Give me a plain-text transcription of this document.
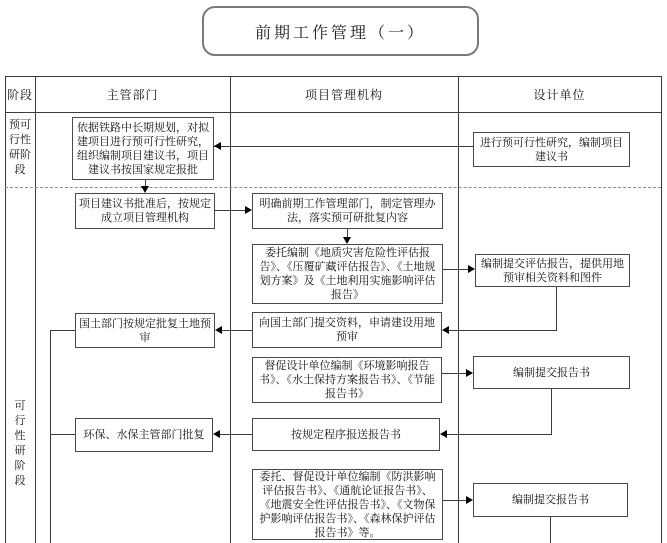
前期工作管理（一）
阶段	主管部门	项目管理机构	设计单位
预可行性研阶段
可行性研阶段
依据铁路中长期规划，对拟建项目进行预可行性研究，组织编制项目建议书，项目建议书按国家规定报批
进行预可行性研究，编制项目建议书
项目建议书批准后，按规定成立项目管理机构
明确前期工作管理部门，制定管理办法，落实预可研批复内容
委托编制《地质灾害危险性评估报告》、《压覆矿藏评估报告》、《土地规划方案》及《土地利用实施影响评估报告》
编制提交评估报告，提供用地预审相关资料和图件
国土部门按规定批复土地预审
向国土部门提交资料，申请建设用地预审
督促设计单位编制《环境影响报告书》、《水土保持方案报告书》、《节能报告书》
编制提交报告书
环保、水保主管部门批复	按规定程序报送报告书
委托、督促设计单位编制《防洪影响评估报告书》、《通航论证报告书》、《地震安全性评估报告书》、《文物保护影响评估报告书》、《森林保护评估报告书》等。
编制提交报告书
